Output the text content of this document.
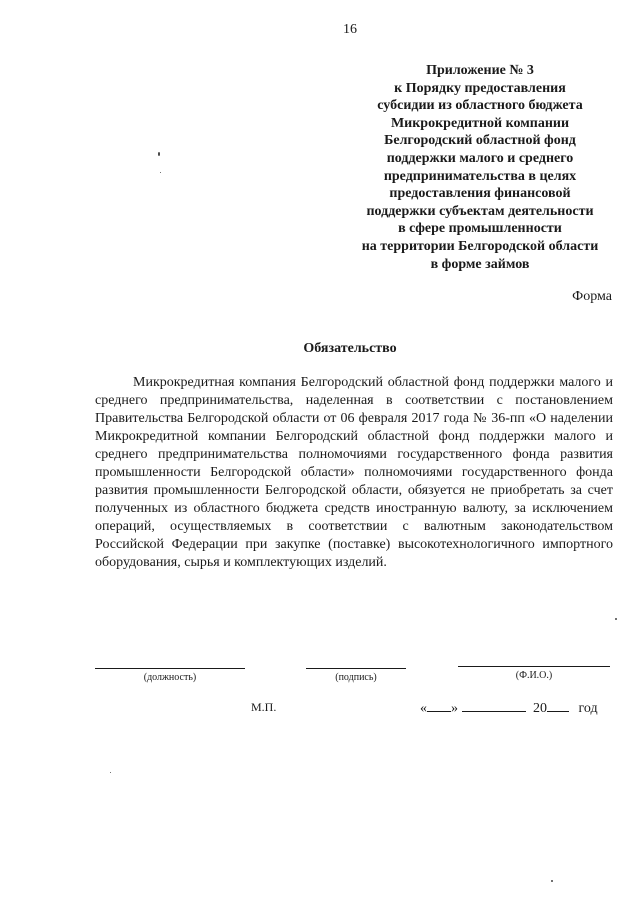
16
Приложение № 3
к Порядку предоставления
субсидии из областного бюджета
Микрокредитной компании
Белгородский областной фонд
поддержки малого и среднего
предпринимательства в целях
предоставления финансовой
поддержки субъектам деятельности
в сфере промышленности
на территории Белгородской области
в форме займов
Форма
Обязательство

Микрокредитная компания Белгородский областной фонд поддержки малого и среднего предпринимательства, наделенная в соответствии с постановлением Правительства Белгородской области от 06 февраля 2017 года № 36-пп «О наделении Микрокредитной компании Белгородский областной фонд поддержки малого и среднего предпринимательства полномочиями государственного фонда развития промышленности Белгородской области» полномочиями государственного фонда развития промышленности Белгородской области, обязуется не приобретать за счет полученных из областного бюджета средств иностранную валюту, за исключением операций, осуществляемых в соответствии с валютным законодательством Российской Федерации при закупке (поставке) высокотехнологичного импортного оборудования, сырья и комплектующих изделий.

(должность)	(подпись)	(Ф.И.О.)
М.П.	« »	20 год
